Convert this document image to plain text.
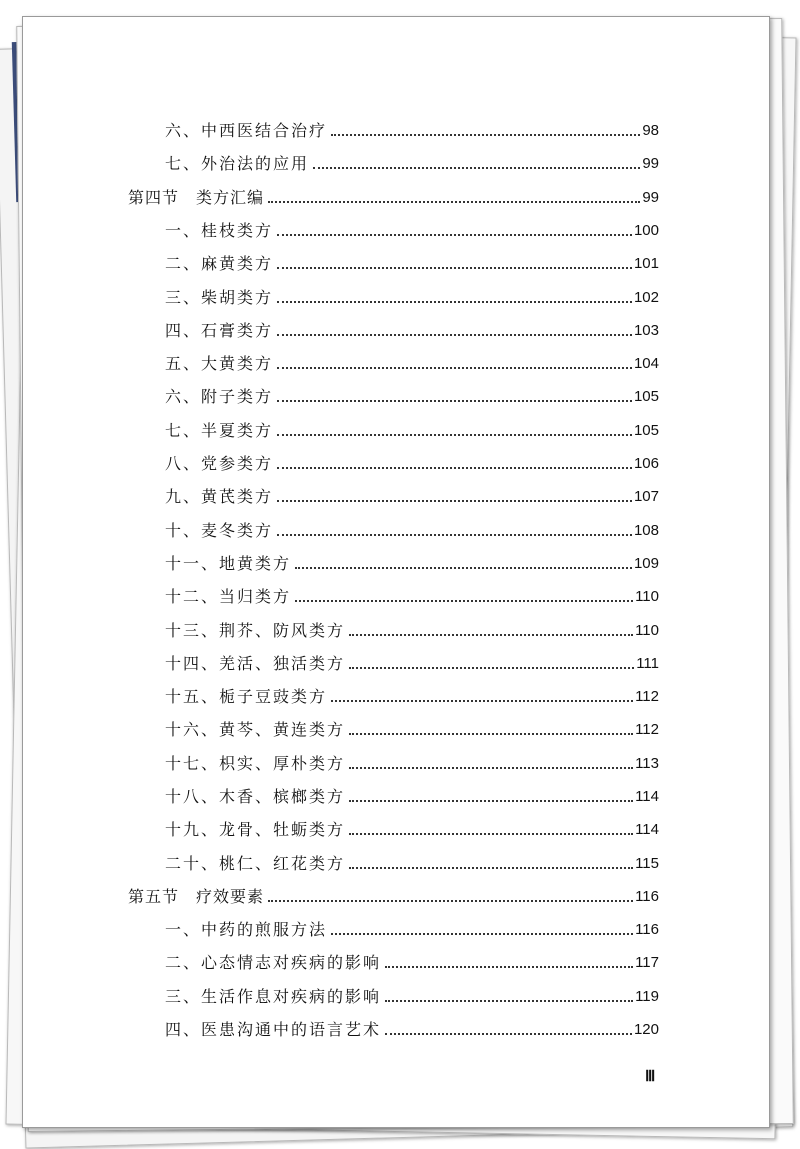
六、中西医结合治疗	98
七、外治法的应用	99
第四节　类方汇编	99
一、桂枝类方	100
二、麻黄类方	101
三、柴胡类方	102
四、石膏类方	103
五、大黄类方	104
六、附子类方	105
七、半夏类方	105
八、党参类方	106
九、黄芪类方	107
十、麦冬类方	108
十一、地黄类方	109
十二、当归类方	110
十三、荆芥、防风类方	110
十四、羌活、独活类方	111
十五、栀子豆豉类方	112
十六、黄芩、黄连类方	112
十七、枳实、厚朴类方	113
十八、木香、槟榔类方	114
十九、龙骨、牡蛎类方	114
二十、桃仁、红花类方	115
第五节　疗效要素	116
一、中药的煎服方法	116
二、心态情志对疾病的影响	117
三、生活作息对疾病的影响	119
四、医患沟通中的语言艺术	120
Ⅲ
